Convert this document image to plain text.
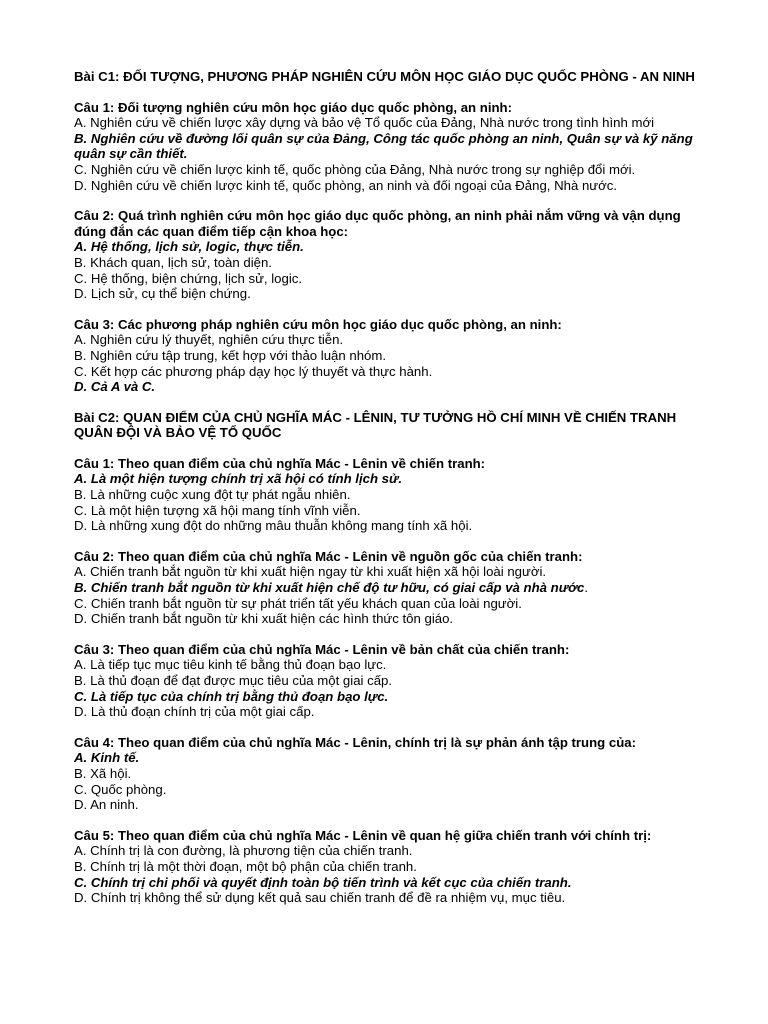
Bài C1: ĐỐI TƯỢNG, PHƯƠNG PHÁP NGHIÊN CỨU MÔN HỌC GIÁO DỤC QUỐC PHÒNG - AN NINH
Câu 1: Đối tượng nghiên cứu môn học giáo dục quốc phòng, an ninh:
A. Nghiên cứu về chiến lược xây dựng và bảo vệ Tổ quốc của Đảng, Nhà nước trong tình hình mới
B. Nghiên cứu về đường lối quân sự của Đảng, Công tác quốc phòng an ninh, Quân sự và kỹ năng quân sự cần thiết.
C. Nghiên cứu về chiến lược kinh tế, quốc phòng của Đảng, Nhà nước trong sự nghiệp đổi mới.
D. Nghiên cứu về chiến lược kinh tế, quốc phòng, an ninh và đối ngoại của Đảng, Nhà nước.
Câu 2: Quá trình nghiên cứu môn học giáo dục quốc phòng, an ninh phải nắm vững và vận dụng đúng đắn các quan điểm tiếp cận khoa học:
A. Hệ thống, lịch sử, logic, thực tiễn.
B. Khách quan, lịch sử, toàn diện.
C. Hệ thống, biện chứng, lịch sử, logic.
D. Lịch sử, cụ thể biện chứng.
Câu 3: Các phương pháp nghiên cứu môn học giáo dục quốc phòng, an ninh:
A. Nghiên cứu lý thuyết, nghiên cứu thực tiễn.
B. Nghiên cứu tập trung, kết hợp với thảo luận nhóm.
C. Kết hợp các phương pháp dạy học lý thuyết và thực hành.
D. Cả A và C.
Bài C2: QUAN ĐIỂM CỦA CHỦ NGHĨA MÁC - LÊNIN, TƯ TƯỞNG HỒ CHÍ MINH VỀ CHIẾN TRANH QUÂN ĐỘI VÀ BẢO VỆ TỔ QUỐC
Câu 1: Theo quan điểm của chủ nghĩa Mác - Lênin về chiến tranh:
A. Là một hiện tượng chính trị xã hội có tính lịch sử.
B. Là những cuộc xung đột tự phát ngẫu nhiên.
C. Là một hiện tượng xã hội mang tính vĩnh viễn.
D. Là những xung đột do những mâu thuẫn không mang tính xã hội.
Câu 2: Theo quan điểm của chủ nghĩa Mác - Lênin về nguồn gốc của chiến tranh:
A. Chiến tranh bắt nguồn từ khi xuất hiện ngay từ khi xuất hiện xã hội loài người.
B. Chiến tranh bắt nguồn từ khi xuất hiện chế độ tư hữu, có giai cấp và nhà nước.
C. Chiến tranh bắt nguồn từ sự phát triển tất yếu khách quan của loài người.
D. Chiến tranh bắt nguồn từ khi xuất hiện các hình thức tôn giáo.
Câu 3: Theo quan điểm của chủ nghĩa Mác - Lênin về bản chất của chiến tranh:
A. Là tiếp tục mục tiêu kinh tế bằng thủ đoạn bạo lực.
B. Là thủ đoạn để đạt được mục tiêu của một giai cấp.
C. Là tiếp tục của chính trị bằng thủ đoạn bạo lực.
D. Là thủ đoạn chính trị của một giai cấp.
Câu 4: Theo quan điểm của chủ nghĩa Mác - Lênin, chính trị là sự phản ánh tập trung của:
A. Kinh tế.
B. Xã hội.
C. Quốc phòng.
D. An ninh.
Câu 5: Theo quan điểm của chủ nghĩa Mác - Lênin về quan hệ giữa chiến tranh với chính trị:
A. Chính trị là con đường, là phương tiện của chiến tranh.
B. Chính trị là một thời đoạn, một bộ phận của chiến tranh.
C. Chính trị chi phối và quyết định toàn bộ tiến trình và kết cục của chiến tranh.
D. Chính trị không thể sử dụng kết quả sau chiến tranh để đề ra nhiệm vụ, mục tiêu.
